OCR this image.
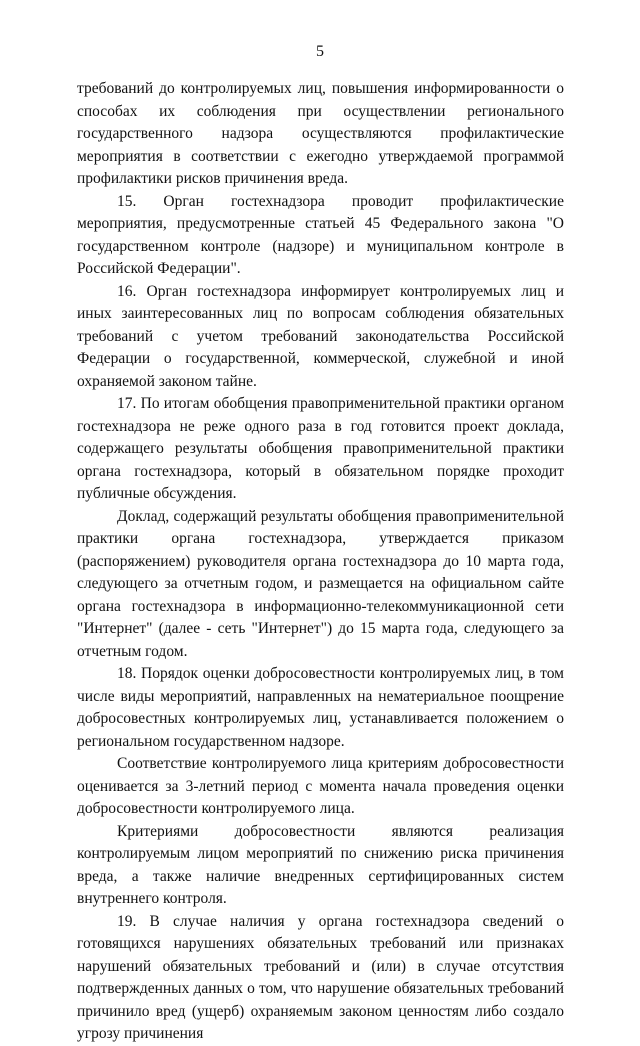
5

требований до контролируемых лиц, повышения информированности о способах их соблюдения при осуществлении регионального государственного надзора осуществляются профилактические мероприятия в соответствии с ежегодно утверждаемой программой профилактики рисков причинения вреда.

15. Орган гостехнадзора проводит профилактические мероприятия, предусмотренные статьей 45 Федерального закона "О государственном контроле (надзоре) и муниципальном контроле в Российской Федерации".

16. Орган гостехнадзора информирует контролируемых лиц и иных заинтересованных лиц по вопросам соблюдения обязательных требований с учетом требований законодательства Российской Федерации о государственной, коммерческой, служебной и иной охраняемой законом тайне.

17. По итогам обобщения правоприменительной практики органом гостехнадзора не реже одного раза в год готовится проект доклада, содержащего результаты обобщения правоприменительной практики органа гостехнадзора, который в обязательном порядке проходит публичные обсуждения.

Доклад, содержащий результаты обобщения правоприменительной практики органа гостехнадзора, утверждается приказом (распоряжением) руководителя органа гостехнадзора до 10 марта года, следующего за отчетным годом, и размещается на официальном сайте органа гостехнадзора в информационно-телекоммуникационной сети "Интернет" (далее - сеть "Интернет") до 15 марта года, следующего за отчетным годом.

18. Порядок оценки добросовестности контролируемых лиц, в том числе виды мероприятий, направленных на нематериальное поощрение добросовестных контролируемых лиц, устанавливается положением о региональном государственном надзоре.

Соответствие контролируемого лица критериям добросовестности оценивается за 3-летний период с момента начала проведения оценки добросовестности контролируемого лица.

Критериями добросовестности являются реализация контролируемым лицом мероприятий по снижению риска причинения вреда, а также наличие внедренных сертифицированных систем внутреннего контроля.

19. В случае наличия у органа гостехнадзора сведений о готовящихся нарушениях обязательных требований или признаках нарушений обязательных требований и (или) в случае отсутствия подтвержденных данных о том, что нарушение обязательных требований причинило вред (ущерб) охраняемым законом ценностям либо создало угрозу причинения
